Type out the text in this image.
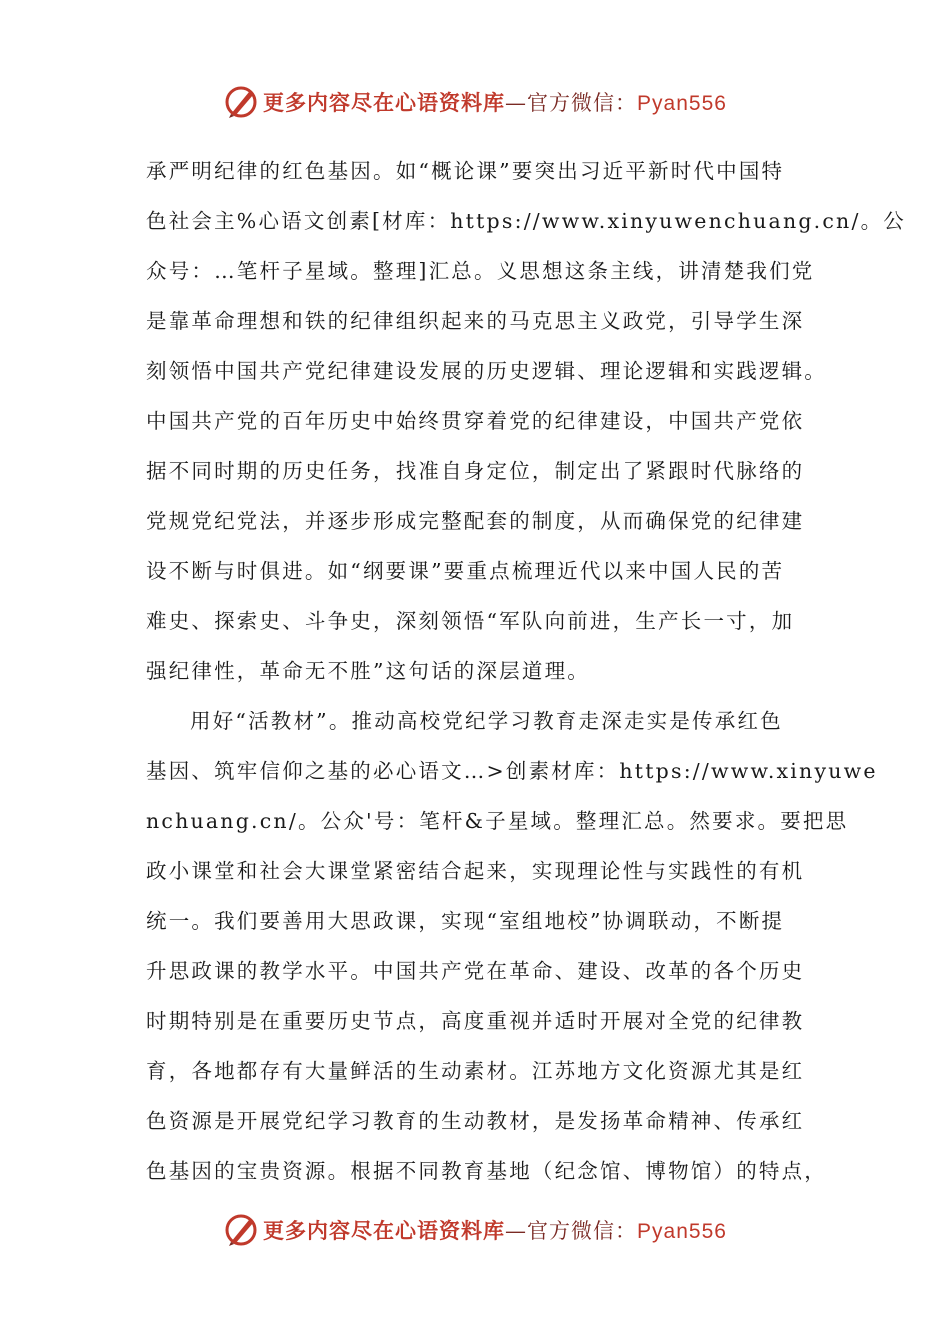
更多内容尽在心语资料库—官方微信：Pyan556
承严明纪律的红色基因。如“概论课”要突出习近平新时代中国特
色社会主%心语文创素[材库：https://www.xinyuwenchuang.cn/。公
众号：…笔杆子星域。整理]汇总。义思想这条主线，讲清楚我们党
是靠革命理想和铁的纪律组织起来的马克思主义政党，引导学生深
刻领悟中国共产党纪律建设发展的历史逻辑、理论逻辑和实践逻辑。
中国共产党的百年历史中始终贯穿着党的纪律建设，中国共产党依
据不同时期的历史任务，找准自身定位，制定出了紧跟时代脉络的
党规党纪党法，并逐步形成完整配套的制度，从而确保党的纪律建
设不断与时俱进。如“纲要课”要重点梳理近代以来中国人民的苦
难史、探索史、斗争史，深刻领悟“军队向前进，生产长一寸，加
强纪律性，革命无不胜”这句话的深层道理。
用好“活教材”。推动高校党纪学习教育走深走实是传承红色
基因、筑牢信仰之基的必心语文…>创素材库：https://www.xinyuwe
nchuang.cn/。公众'号：笔杆&子星域。整理汇总。然要求。要把思
政小课堂和社会大课堂紧密结合起来，实现理论性与实践性的有机
统一。我们要善用大思政课，实现“室组地校”协调联动，不断提
升思政课的教学水平。中国共产党在革命、建设、改革的各个历史
时期特别是在重要历史节点，高度重视并适时开展对全党的纪律教
育，各地都存有大量鲜活的生动素材。江苏地方文化资源尤其是红
色资源是开展党纪学习教育的生动教材，是发扬革命精神、传承红
色基因的宝贵资源。根据不同教育基地（纪念馆、博物馆）的特点，
更多内容尽在心语资料库—官方微信：Pyan556
